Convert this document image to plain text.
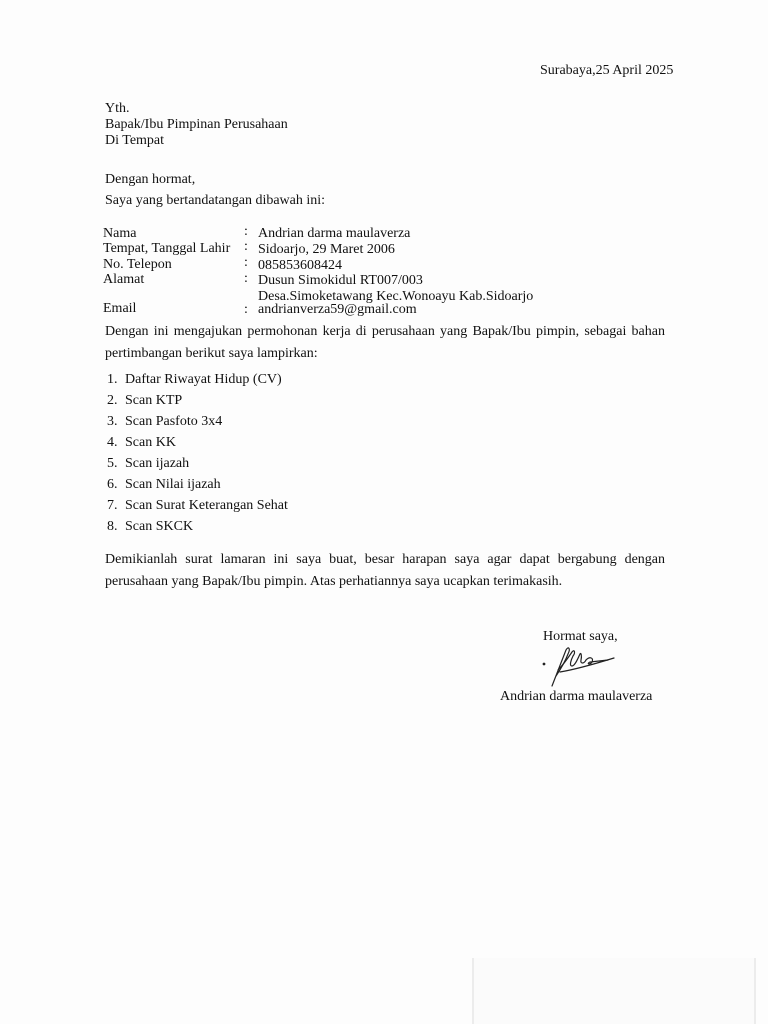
Surabaya,25 April 2025
Yth.
Bapak/Ibu Pimpinan Perusahaan
Di Tempat
Dengan hormat,
Saya yang bertandatangan dibawah ini:
Nama	: Andrian darma maulaverza
Tempat, Tanggal Lahir : Sidoarjo, 29 Maret 2006
No. Telepon	: 085853608424
Alamat	: Dusun Simokidul RT007/003
Desa.Simoketawang Kec.Wonoayu Kab.Sidoarjo
Email	: andrianverza59@gmail.com
Dengan ini mengajukan permohonan kerja di perusahaan yang Bapak/Ibu pimpin, sebagai bahan pertimbangan berikut saya lampirkan:
1. Daftar Riwayat Hidup (CV)
2. Scan KTP
3. Scan Pasfoto 3x4
4. Scan KK
5. Scan ijazah
6. Scan Nilai ijazah
7. Scan Surat Keterangan Sehat
8. Scan SKCK
Demikianlah surat lamaran ini saya buat, besar harapan saya agar dapat bergabung dengan perusahaan yang Bapak/Ibu pimpin. Atas perhatiannya saya ucapkan terimakasih.
Hormat saya,
Andrian darma maulaverza
